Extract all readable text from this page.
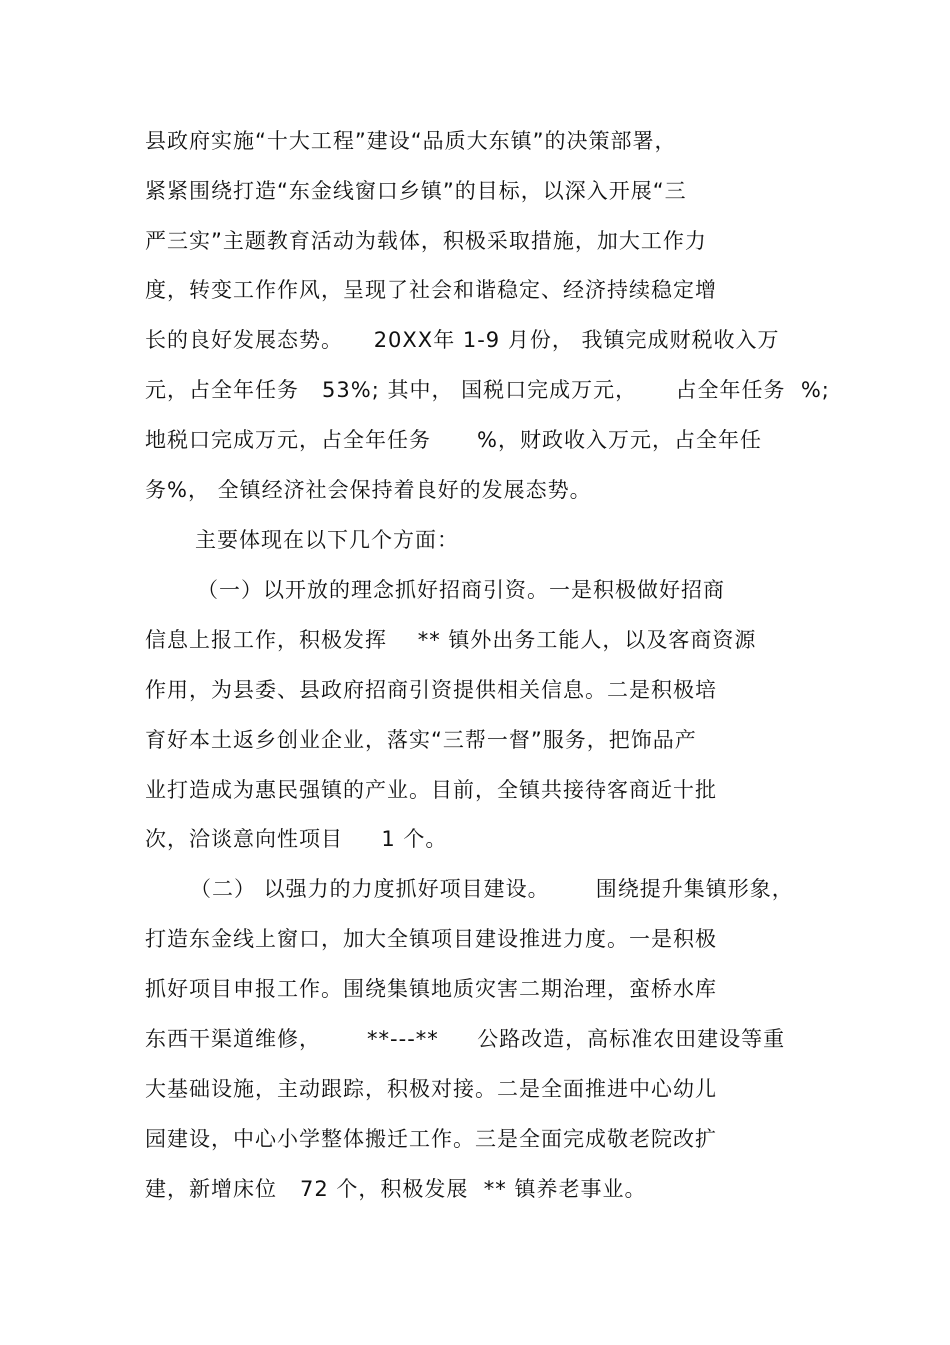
县政府实施“十大工程”建设“品质大东镇”的决策部署，

紧紧围绕打造“东金线窗口乡镇”的目标，以深入开展“三

严三实”主题教育活动为载体，积极采取措施，加大工作力

度，转变工作作风，呈现了社会和谐稳定、经济持续稳定增

长的良好发展态势。    20XX年 1-9 月份， 我镇完成财税收入万

元，占全年任务   53%; 其中， 国税口完成万元，     占全年任务  %;

地税口完成万元，占全年任务      %，财政收入万元，占全年任

务%， 全镇经济社会保持着良好的发展态势。

主要体现在以下几个方面：

（一）以开放的理念抓好招商引资。一是积极做好招商

信息上报工作，积极发挥    ** 镇外出务工能人，以及客商资源

作用，为县委、县政府招商引资提供相关信息。二是积极培

育好本土返乡创业企业，落实“三帮一督”服务，把饰品产

业打造成为惠民强镇的产业。目前，全镇共接待客商近十批

次，洽谈意向性项目     1 个。

（二） 以强力的力度抓好项目建设。      围绕提升集镇形象，

打造东金线上窗口，加大全镇项目建设推进力度。一是积极

抓好项目申报工作。围绕集镇地质灾害二期治理，蛮桥水库

东西干渠道维修，      **---**     公路改造，高标准农田建设等重

大基础设施，主动跟踪，积极对接。二是全面推进中心幼儿

园建设，中心小学整体搬迁工作。三是全面完成敬老院改扩

建，新增床位   72 个，积极发展  ** 镇养老事业。
